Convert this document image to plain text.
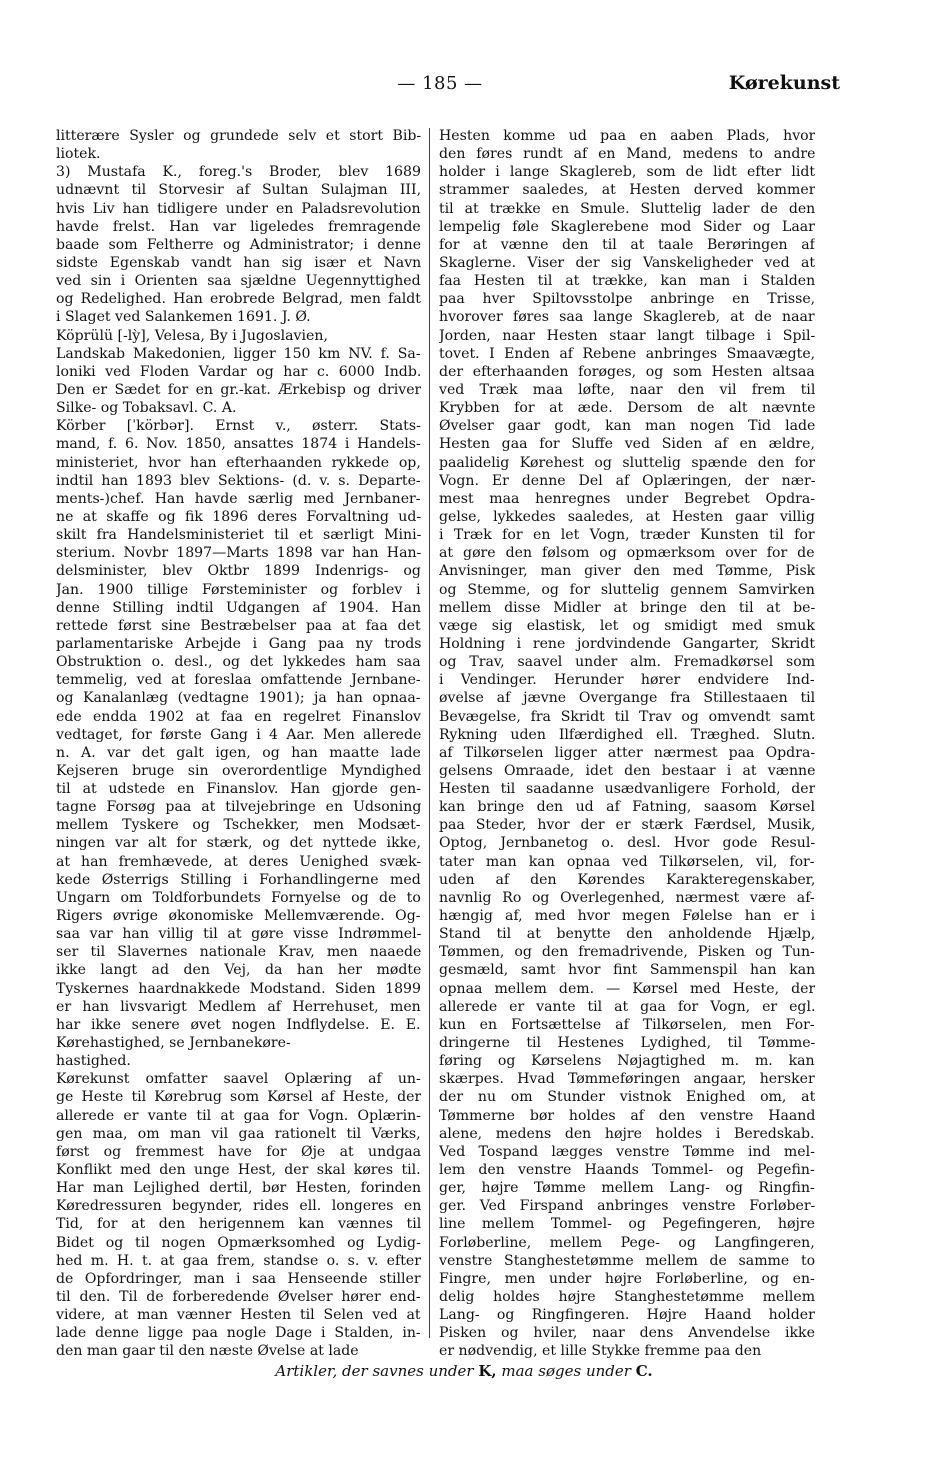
— 185 —	Kørekunst
litterære Sysler og grundede selv et stort Bib-
liotek.
3) Mustafa K., foreg.'s Broder, blev 1689
udnævnt til Storvesir af Sultan Sulajman III,
hvis Liv han tidligere under en Paladsrevolution
havde frelst. Han var ligeledes fremragende
baade som Feltherre og Administrator; i denne
sidste Egenskab vandt han sig især et Navn
ved sin i Orienten saa sjældne Uegennyttighed
og Redelighed. Han erobrede Belgrad, men faldt
i Slaget ved Salankemen 1691. J. Ø.
Köprülü [-lỳ], Velesa, By i Jugoslavien,
Landskab Makedonien, ligger 150 km NV. f. Sa-
loniki ved Floden Vardar og har c. 6000 Indb.
Den er Sædet for en gr.-kat. Ærkebisp og driver
Silke- og Tobaksavl. C. A.
Körber [ˈkörbər]. Ernst v., østerr. Stats-
mand, f. 6. Nov. 1850, ansattes 1874 i Handels-
ministeriet, hvor han efterhaanden rykkede op,
indtil han 1893 blev Sektions- (d. v. s. Departe-
ments-)chef. Han havde særlig med Jernbaner-
ne at skaffe og fik 1896 deres Forvaltning ud-
skilt fra Handelsministeriet til et særligt Mini-
sterium. Novbr 1897—Marts 1898 var han Han-
delsminister, blev Oktbr 1899 Indenrigs- og
Jan. 1900 tillige Førsteminister og forblev i
denne Stilling indtil Udgangen af 1904. Han
rettede først sine Bestræbelser paa at faa det
parlamentariske Arbejde i Gang paa ny trods
Obstruktion o. desl., og det lykkedes ham saa
temmelig, ved at foreslaa omfattende Jernbane-
og Kanalanlæg (vedtagne 1901); ja han opnaa-
ede endda 1902 at faa en regelret Finanslov
vedtaget, for første Gang i 4 Aar. Men allerede
n. A. var det galt igen, og han maatte lade
Kejseren bruge sin overordentlige Myndighed
til at udstede en Finanslov. Han gjorde gen-
tagne Forsøg paa at tilvejebringe en Udsoning
mellem Tyskere og Tschekker, men Modsæt-
ningen var alt for stærk, og det nyttede ikke,
at han fremhævede, at deres Uenighed svæk-
kede Østerrigs Stilling i Forhandlingerne med
Ungarn om Toldforbundets Fornyelse og de to
Rigers øvrige økonomiske Mellemværende. Og-
saa var han villig til at gøre visse Indrømmel-
ser til Slavernes nationale Krav, men naaede
ikke langt ad den Vej, da han her mødte
Tyskernes haardnakkede Modstand. Siden 1899
er han livsvarigt Medlem af Herrehuset, men
har ikke senere øvet nogen Indflydelse. E. E.
Kørehastighed, se Jernbanekøre-
hastighed.
Kørekunst omfatter saavel Oplæring af un-
ge Heste til Kørebrug som Kørsel af Heste, der
allerede er vante til at gaa for Vogn. Oplærin-
gen maa, om man vil gaa rationelt til Værks,
først og fremmest have for Øje at undgaa
Konflikt med den unge Hest, der skal køres til.
Har man Lejlighed dertil, bør Hesten, forinden
Køredressuren begynder, rides ell. longeres en
Tid, for at den herigennem kan vænnes til
Bidet og til nogen Opmærksomhed og Lydig-
hed m. H. t. at gaa frem, standse o. s. v. efter
de Opfordringer, man i saa Henseende stiller
til den. Til de forberedende Øvelser hører end-
videre, at man vænner Hesten til Selen ved at
lade denne ligge paa nogle Dage i Stalden, in-
den man gaar til den næste Øvelse at lade
Hesten komme ud paa en aaben Plads, hvor
den føres rundt af en Mand, medens to andre
holder i lange Skaglereb, som de lidt efter lidt
strammer saaledes, at Hesten derved kommer
til at trække en Smule. Sluttelig lader de den
lempelig føle Skaglerebene mod Sider og Laar
for at vænne den til at taale Berøringen af
Skaglerne. Viser der sig Vanskeligheder ved at
faa Hesten til at trække, kan man i Stalden
paa hver Spiltovsstolpe anbringe en Trisse,
hvorover føres saa lange Skaglereb, at de naar
Jorden, naar Hesten staar langt tilbage i Spil-
tovet. I Enden af Rebene anbringes Smaavægte,
der efterhaanden forøges, og som Hesten altsaa
ved Træk maa løfte, naar den vil frem til
Krybben for at æde. Dersom de alt nævnte
Øvelser gaar godt, kan man nogen Tid lade
Hesten gaa for Sluffe ved Siden af en ældre,
paalidelig Kørehest og sluttelig spænde den for
Vogn. Er denne Del af Oplæringen, der nær-
mest maa henregnes under Begrebet Opdra-
gelse, lykkedes saaledes, at Hesten gaar villig
i Træk for en let Vogn, træder Kunsten til for
at gøre den følsom og opmærksom over for de
Anvisninger, man giver den med Tømme, Pisk
og Stemme, og for sluttelig gennem Samvirken
mellem disse Midler at bringe den til at be-
væge sig elastisk, let og smidigt med smuk
Holdning i rene jordvindende Gangarter, Skridt
og Trav, saavel under alm. Fremadkørsel som
i Vendinger. Herunder hører endvidere Ind-
øvelse af jævne Overgange fra Stillestaaen til
Bevægelse, fra Skridt til Trav og omvendt samt
Rykning uden Ilfærdighed ell. Træghed. Slutn.
af Tilkørselen ligger atter nærmest paa Opdra-
gelsens Omraade, idet den bestaar i at vænne
Hesten til saadanne usædvanligere Forhold, der
kan bringe den ud af Fatning, saasom Kørsel
paa Steder, hvor der er stærk Færdsel, Musik,
Optog, Jernbanetog o. desl. Hvor gode Resul-
tater man kan opnaa ved Tilkørselen, vil, for-
uden af den Kørendes Karakteregenskaber,
navnlig Ro og Overlegenhed, nærmest være af-
hængig af, med hvor megen Følelse han er i
Stand til at benytte den anholdende Hjælp,
Tømmen, og den fremadrivende, Pisken og Tun-
gesmæld, samt hvor fint Sammenspil han kan
opnaa mellem dem. — Kørsel med Heste, der
allerede er vante til at gaa for Vogn, er egl.
kun en Fortsættelse af Tilkørselen, men For-
dringerne til Hestenes Lydighed, til Tømme-
føring og Kørselens Nøjagtighed m. m. kan
skærpes. Hvad Tømmeføringen angaar, hersker
der nu om Stunder vistnok Enighed om, at
Tømmerne bør holdes af den venstre Haand
alene, medens den højre holdes i Beredskab.
Ved Tospand lægges venstre Tømme ind mel-
lem den venstre Haands Tommel- og Pegefin-
ger, højre Tømme mellem Lang- og Ringfin-
ger. Ved Firspand anbringes venstre Forløber-
line mellem Tommel- og Pegefingeren, højre
Forløberline, mellem Pege- og Langfingeren,
venstre Stanghestetømme mellem de samme to
Fingre, men under højre Forløberline, og en-
delig holdes højre Stanghestetømme mellem
Lang- og Ringfingeren. Højre Haand holder
Pisken og hviler, naar dens Anvendelse ikke
er nødvendig, et lille Stykke fremme paa den
Artikler, der savnes under K, maa søges under C.
